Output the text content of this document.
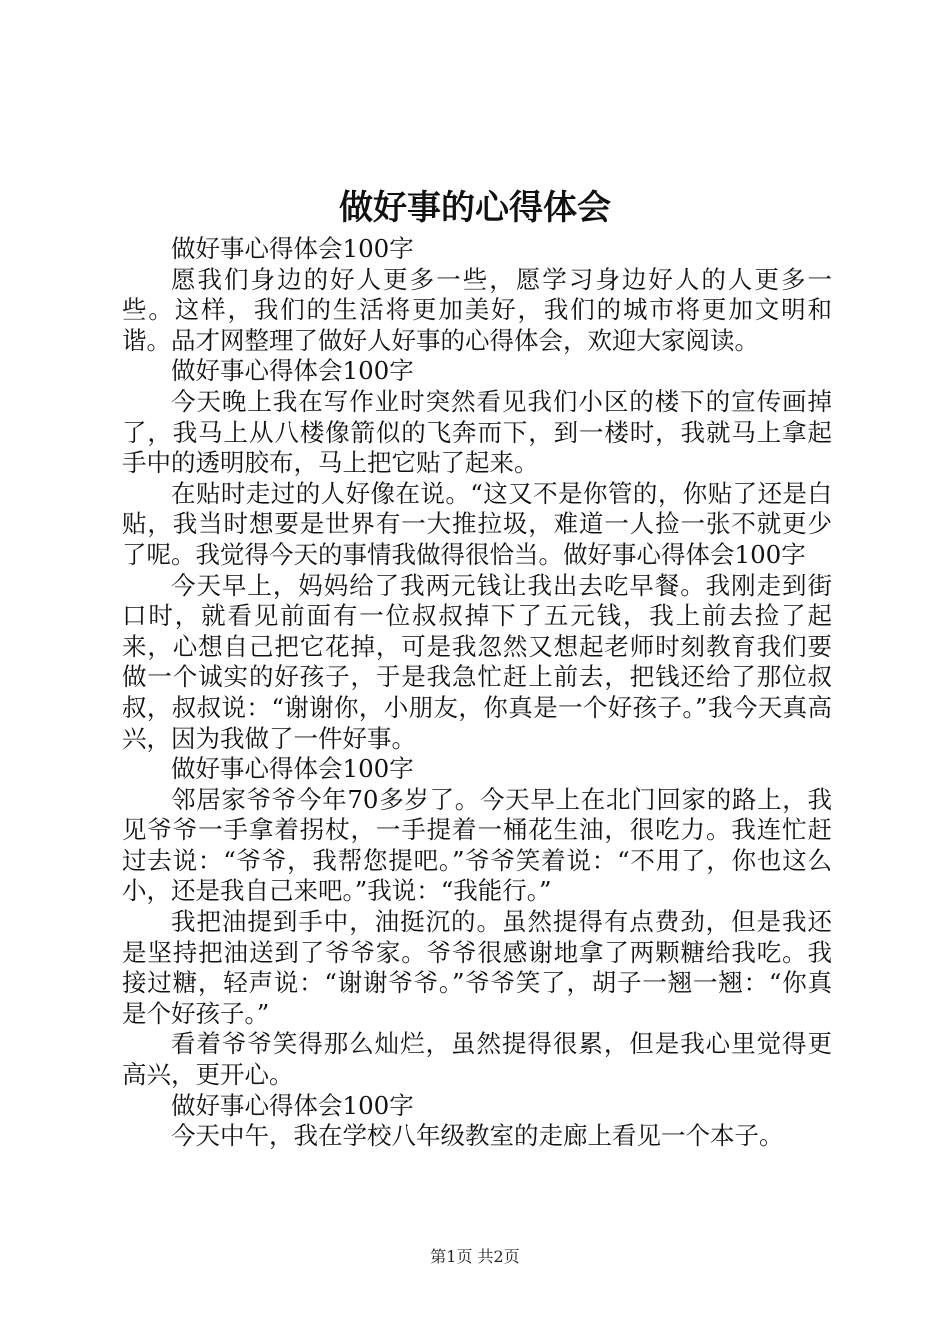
做好事的心得体会

做好事心得体会100字

愿我们身边的好人更多一些，愿学习身边好人的人更多一些。这样，我们的生活将更加美好，我们的城市将更加文明和谐。品才网整理了做好人好事的心得体会，欢迎大家阅读。

做好事心得体会100字

今天晚上我在写作业时突然看见我们小区的楼下的宣传画掉了，我马上从八楼像箭似的飞奔而下，到一楼时，我就马上拿起手中的透明胶布，马上把它贴了起来。

在贴时走过的人好像在说。“这又不是你管的，你贴了还是白贴，我当时想要是世界有一大推拉圾，难道一人捡一张不就更少了呢。我觉得今天的事情我做得很恰当。做好事心得体会100字

今天早上，妈妈给了我两元钱让我出去吃早餐。我刚走到街口时，就看见前面有一位叔叔掉下了五元钱，我上前去捡了起来，心想自己把它花掉，可是我忽然又想起老师时刻教育我们要做一个诚实的好孩子，于是我急忙赶上前去，把钱还给了那位叔叔，叔叔说：“谢谢你，小朋友，你真是一个好孩子。”我今天真高兴，因为我做了一件好事。

做好事心得体会100字

邻居家爷爷今年70多岁了。今天早上在北门回家的路上，我见爷爷一手拿着拐杖，一手提着一桶花生油，很吃力。我连忙赶过去说：“爷爷，我帮您提吧。”爷爷笑着说：“不用了，你也这么小，还是我自己来吧。”我说：“我能行。”

我把油提到手中，油挺沉的。虽然提得有点费劲，但是我还是坚持把油送到了爷爷家。爷爷很感谢地拿了两颗糖给我吃。我接过糖，轻声说：“谢谢爷爷。”爷爷笑了，胡子一翘一翘：“你真是个好孩子。”

看着爷爷笑得那么灿烂，虽然提得很累，但是我心里觉得更高兴，更开心。

做好事心得体会100字

今天中午，我在学校八年级教室的走廊上看见一个本子。

第1页 共2页
